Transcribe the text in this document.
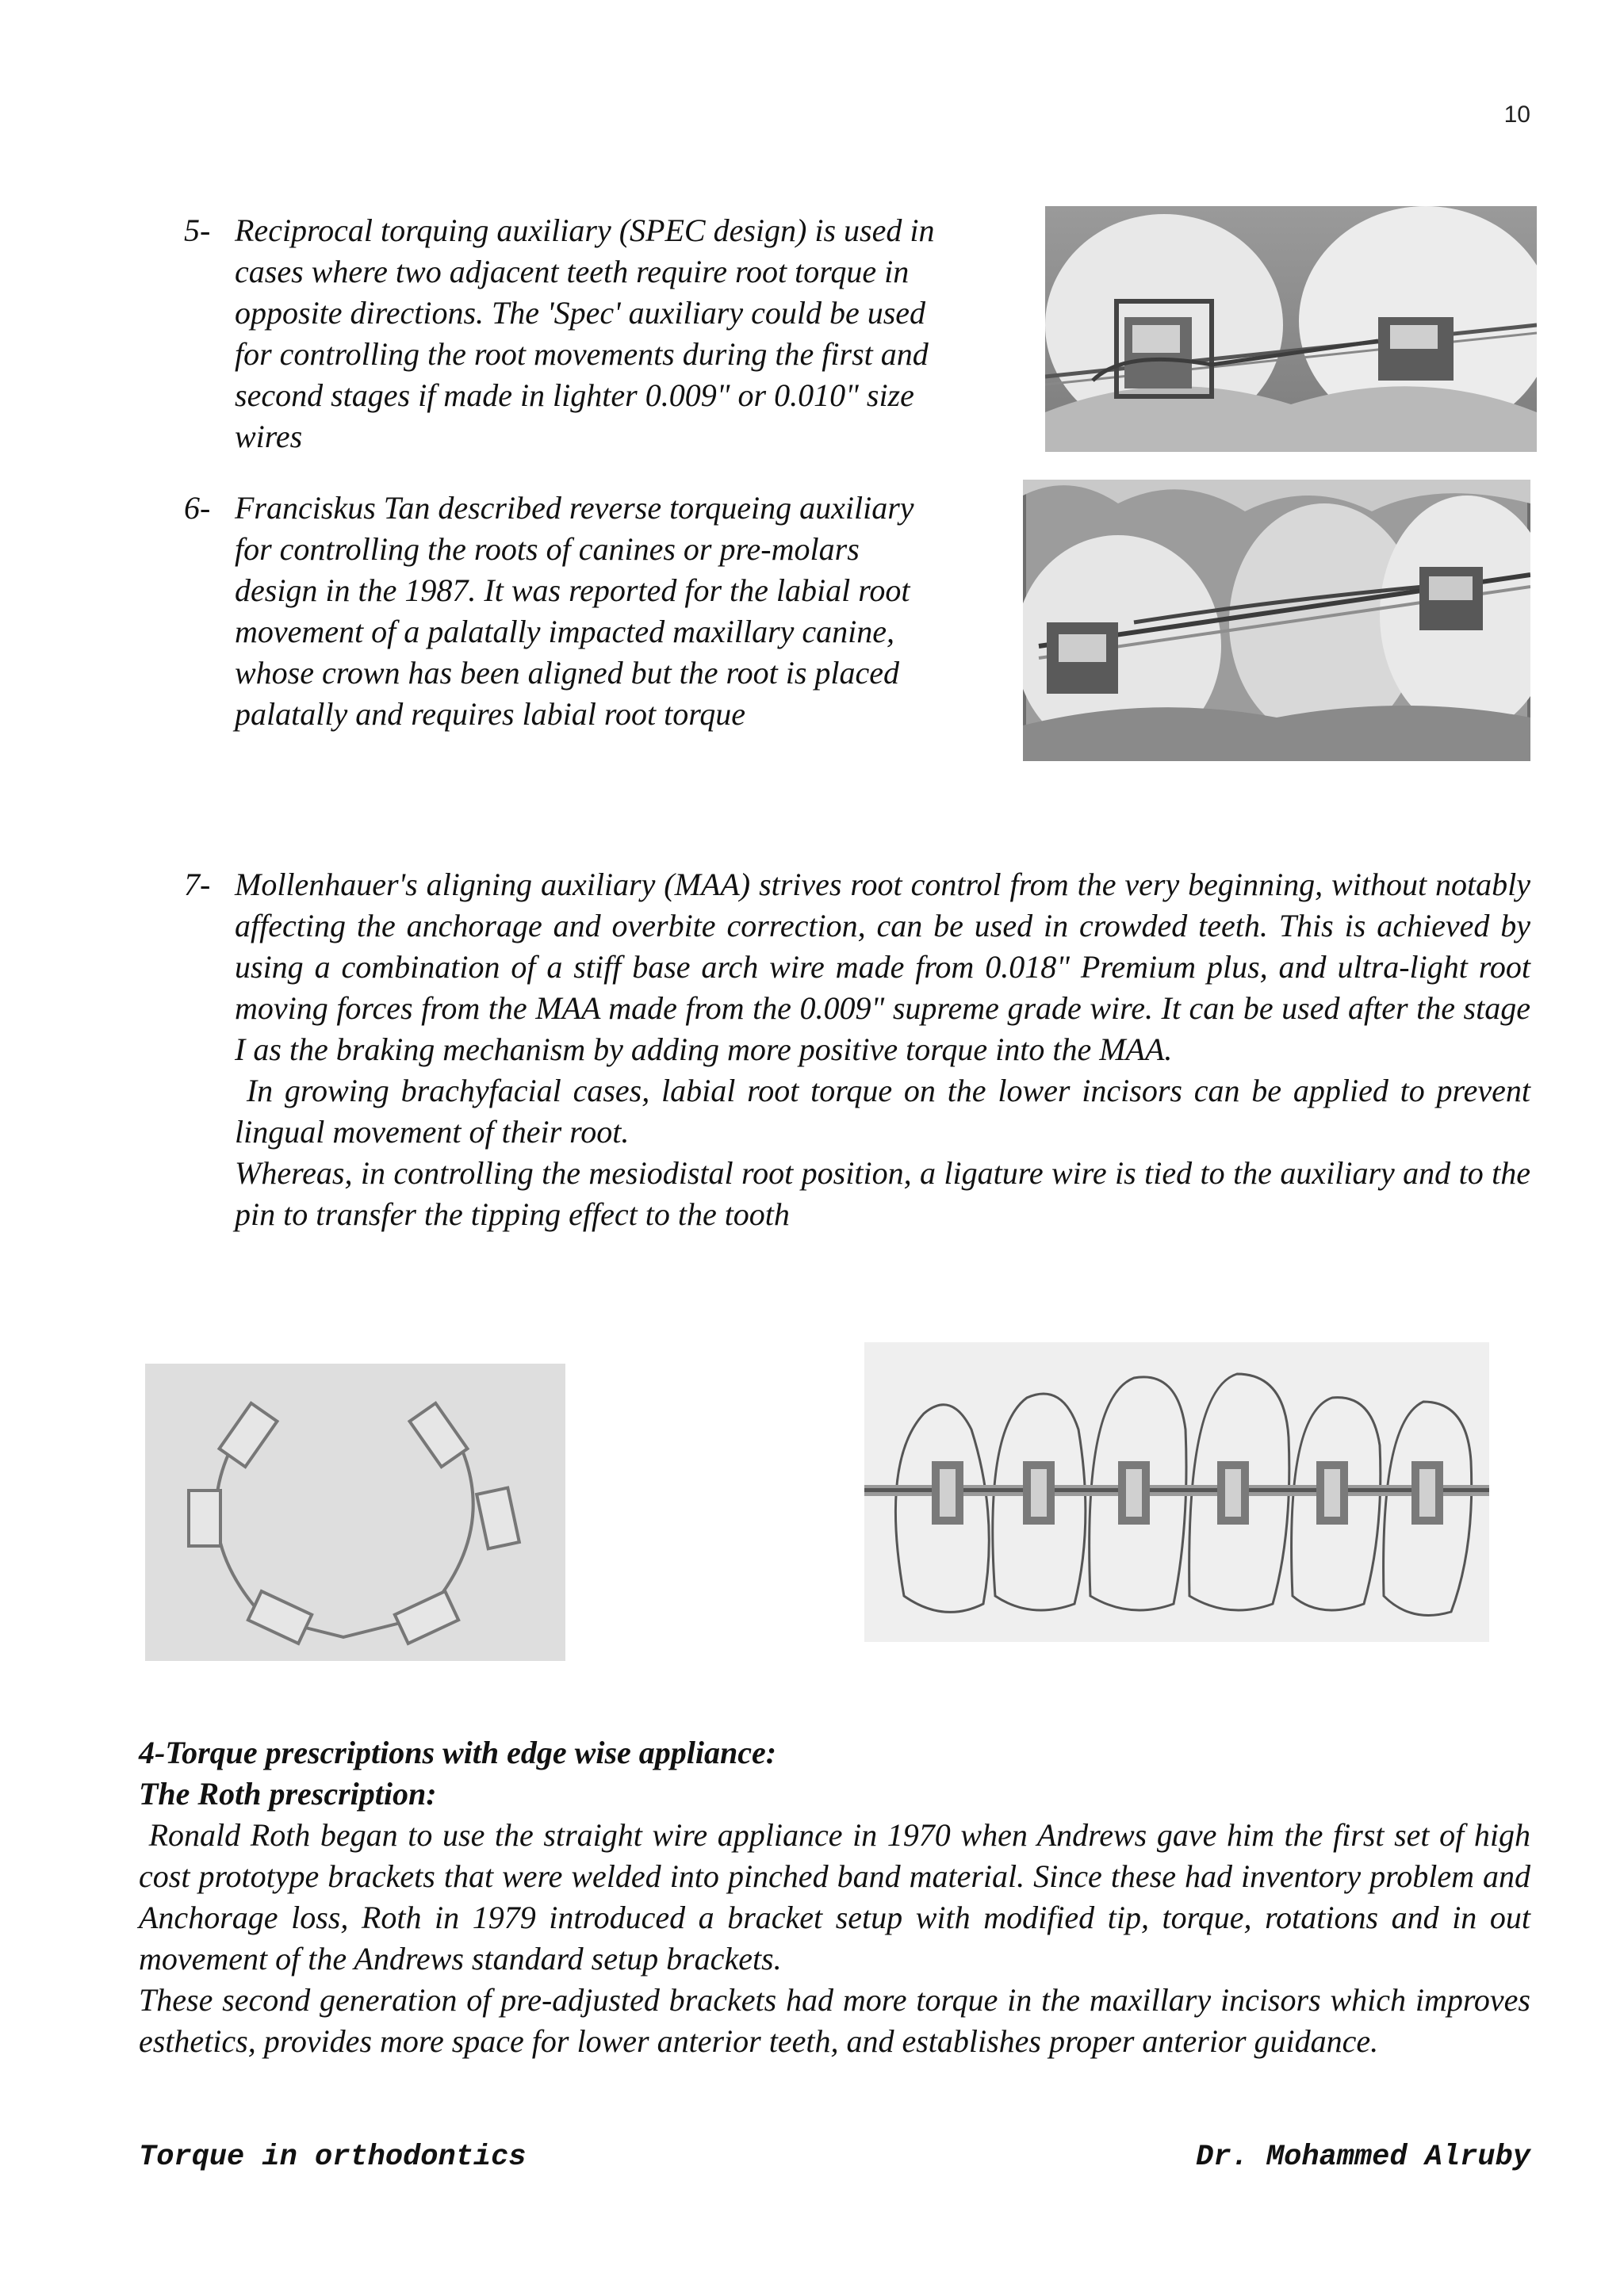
10
5- Reciprocal torquing auxiliary (SPEC design) is used in

cases where two adjacent teeth require root torque in

opposite directions. The 'Spec' auxiliary could be used

for controlling the root movements during the first and

second stages if made in lighter 0.009" or 0.010" size

wires

6- Franciskus Tan described reverse torqueing auxiliary

for controlling the roots of canines or pre-molars

design in the 1987. It was reported for the labial root

movement of a palatally impacted maxillary canine,

whose crown has been aligned but the root is placed

palatally and requires labial root torque

7- Mollenhauer's aligning auxiliary (MAA) strives root control from the very beginning, without notably affecting the anchorage and overbite correction, can be used in crowded teeth. This is achieved by using a combination of a stiff base arch wire made from 0.018" Premium plus, and ultra-light root moving forces from the MAA made from the 0.009" supreme grade wire. It can be used after the stage I as the braking mechanism by adding more positive torque into the MAA.

In growing brachyfacial cases, labial root torque on the lower incisors can be applied to prevent lingual movement of their root.

Whereas, in controlling the mesiodistal root position, a ligature wire is tied to the auxiliary and to the pin to transfer the tipping effect to the tooth

4-Torque prescriptions with edge wise appliance:
The Roth prescription:

Ronald Roth began to use the straight wire appliance in 1970 when Andrews gave him the first set of high cost prototype brackets that were welded into pinched band material. Since these had inventory problem and Anchorage loss, Roth in 1979 introduced a bracket setup with modified tip, torque, rotations and in out movement of the Andrews standard setup brackets.

These second generation of pre-adjusted brackets had more torque in the maxillary incisors which improves esthetics, provides more space for lower anterior teeth, and establishes proper anterior guidance.

Torque in orthodontics	Dr. Mohammed Alruby
